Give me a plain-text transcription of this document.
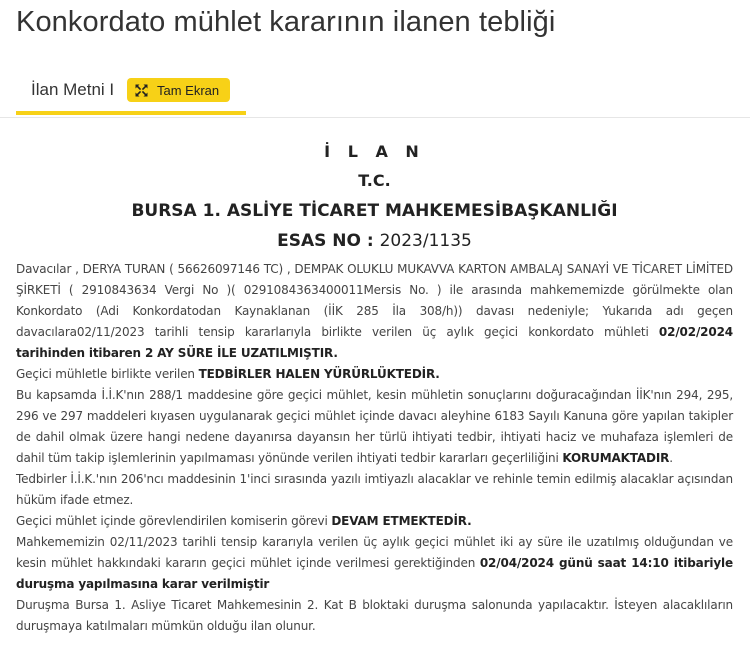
Konkordato mühlet kararının ilanen tebliği
İlan Metni I	Tam Ekran
İ L A N
T.C.
BURSA 1. ASLİYE TİCARET MAHKEMESİBAŞKANLIĞI
ESAS NO : 2023/1135

Davacılar , DERYA TURAN ( 56626097146 TC) , DEMPAK OLUKLU MUKAVVA KARTON AMBALAJ SANAYİ VE TİCARET LİMİTED ŞİRKETİ ( 2910843634 Vergi No )( 0291084363400011Mersis No. ) ile arasında mahkememizde görülmekte olan Konkordato (Adi Konkordatodan Kaynaklanan (İİK 285 İla 308/h)) davası nedeniyle; Yukarıda adı geçen davacılara02/11/2023 tarihli tensip kararlarıyla birlikte verilen üç aylık geçici konkordato mühleti 02/02/2024 tarihinden itibaren 2 AY SÜRE İLE UZATILMIŞTIR.

Geçici mühletle birlikte verilen TEDBİRLER HALEN YÜRÜRLÜKTEDİR.

Bu kapsamda İ.İ.K'nın 288/1 maddesine göre geçici mühlet, kesin mühletin sonuçlarını doğuracağından İİK'nın 294, 295, 296 ve 297 maddeleri kıyasen uygulanarak geçici mühlet içinde davacı aleyhine 6183 Sayılı Kanuna göre yapılan takipler de dahil olmak üzere hangi nedene dayanırsa dayansın her türlü ihtiyati tedbir, ihtiyati haciz ve muhafaza işlemleri de dahil tüm takip işlemlerinin yapılmaması yönünde verilen ihtiyati tedbir kararları geçerliliğini KORUMAKTADIR.

Tedbirler İ.İ.K.'nın 206'ncı maddesinin 1'inci sırasında yazılı imtiyazlı alacaklar ve rehinle temin edilmiş alacaklar açısından hüküm ifade etmez.

Geçici mühlet içinde görevlendirilen komiserin görevi DEVAM ETMEKTEDİR.

Mahkememizin 02/11/2023 tarihli tensip kararıyla verilen üç aylık geçici mühlet iki ay süre ile uzatılmış olduğundan ve kesin mühlet hakkındaki kararın geçici mühlet içinde verilmesi gerektiğinden 02/04/2024 günü saat 14:10 itibariyle duruşma yapılmasına karar verilmiştir

Duruşma Bursa 1. Asliye Ticaret Mahkemesinin 2. Kat B bloktaki duruşma salonunda yapılacaktır. İsteyen alacaklıların duruşmaya katılmaları mümkün olduğu ilan olunur.
